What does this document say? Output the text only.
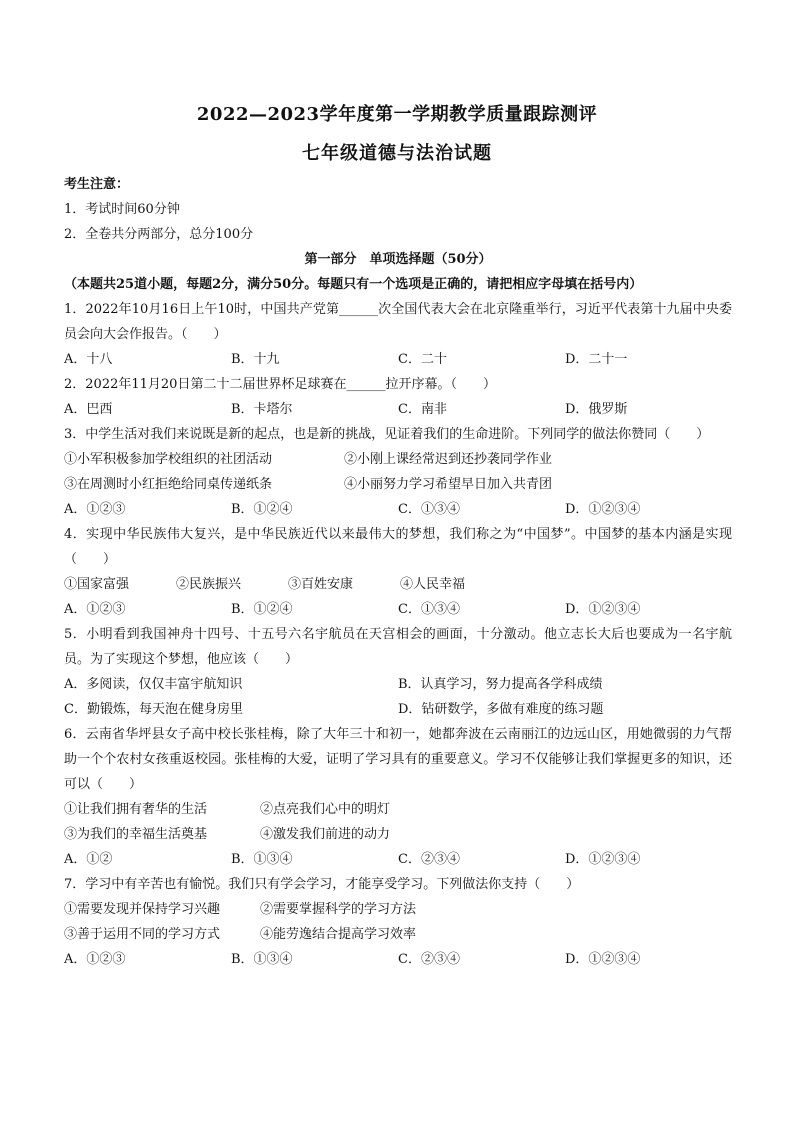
2022—2023学年度第一学期教学质量跟踪测评
七年级道德与法治试题
考生注意：
1．考试时间60分钟
2．全卷共分两部分，总分100分
第一部分　单项选择题（50分）
（本题共25道小题，每题2分，满分50分。每题只有一个选项是正确的，请把相应字母填在括号内）
1．2022年10月16日上午10时，中国共产党第______次全国代表大会在北京隆重举行，习近平代表第十九届中央委员会向大会作报告。（　　）
A．十八	B．十九	C．二十	D．二十一
2．2022年11月20日第二十二届世界杯足球赛在______拉开序幕。（　　）
A．巴西	B．卡塔尔	C．南非	D．俄罗斯
3．中学生活对我们来说既是新的起点，也是新的挑战，见证着我们的生命进阶。下列同学的做法你赞同（　　）
①小军积极参加学校组织的社团活动	②小刚上课经常迟到还抄袭同学作业
③在周测时小红拒绝给同桌传递纸条	④小丽努力学习希望早日加入共青团
A．①②③	B．①②④	C．①③④	D．①②③④
4．实现中华民族伟大复兴，是中华民族近代以来最伟大的梦想，我们称之为“中国梦”。中国梦的基本内涵是实现（　　）
①国家富强	②民族振兴	③百姓安康	④人民幸福
A．①②③	B．①②④	C．①③④	D．①②③④
5．小明看到我国神舟十四号、十五号六名宇航员在天宫相会的画面，十分激动。他立志长大后也要成为一名宇航员。为了实现这个梦想，他应该（　　）
A．多阅读，仅仅丰富宇航知识	B．认真学习，努力提高各学科成绩
C．勤锻炼，每天泡在健身房里	D．钻研数学，多做有难度的练习题
6．云南省华坪县女子高中校长张桂梅，除了大年三十和初一，她都奔波在云南丽江的边远山区，用她微弱的力气帮助一个个农村女孩重返校园。张桂梅的大爱，证明了学习具有的重要意义。学习不仅能够让我们掌握更多的知识，还可以（　　）
①让我们拥有奢华的生活	②点亮我们心中的明灯
③为我们的幸福生活奠基	④激发我们前进的动力
A．①②	B．①③④	C．②③④	D．①②③④
7．学习中有辛苦也有愉悦。我们只有学会学习，才能享受学习。下列做法你支持（　　）
①需要发现并保持学习兴趣	②需要掌握科学的学习方法
③善于运用不同的学习方式	④能劳逸结合提高学习效率
A．①②③	B．①③④	C．②③④	D．①②③④
